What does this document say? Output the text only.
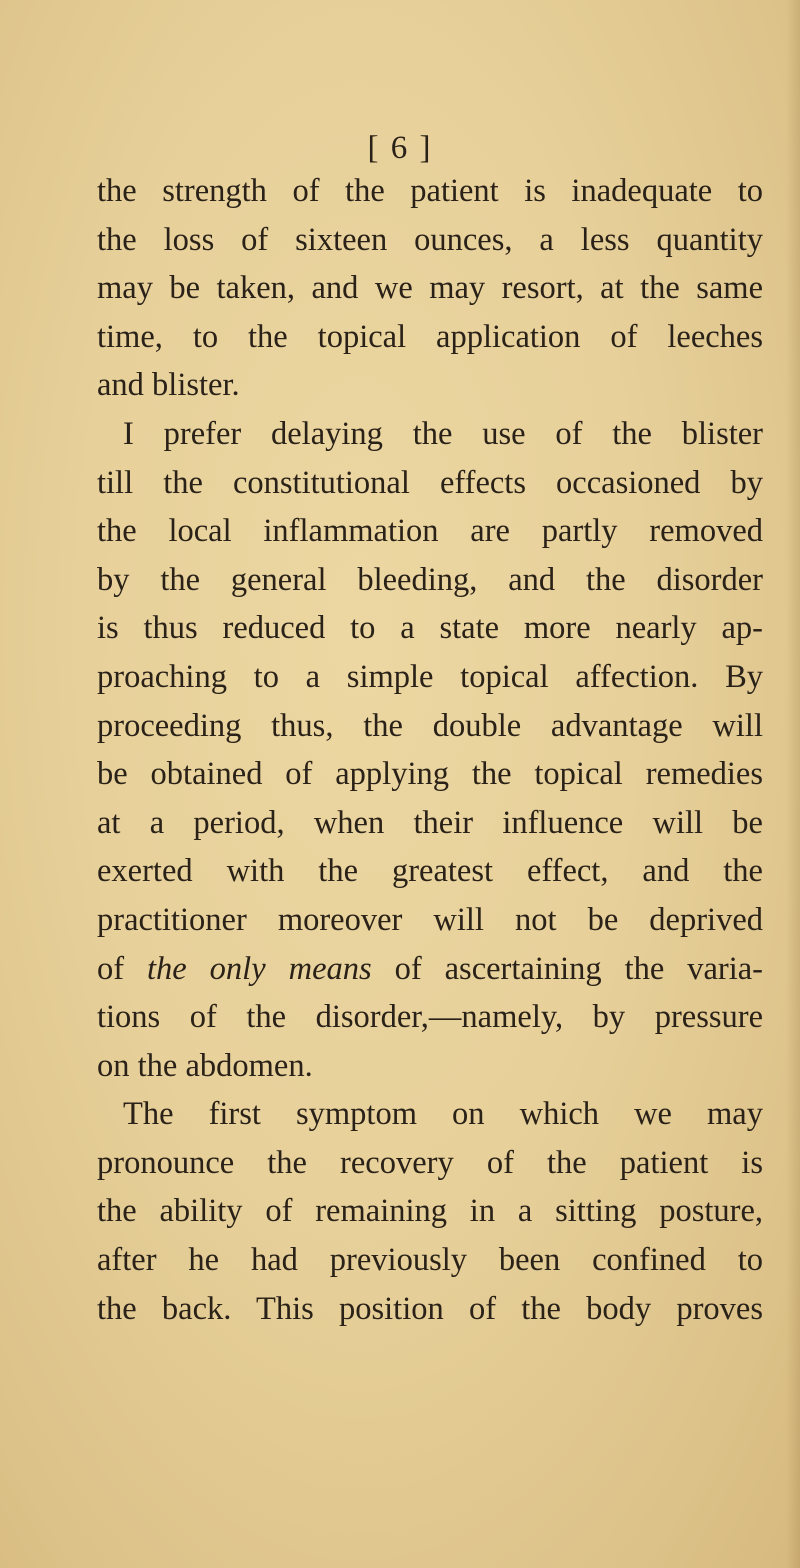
[ 6 ]

the strength of the patient is inadequate to
the loss of sixteen ounces, a less quantity
may be taken, and we may resort, at the same
time, to the topical application of leeches
and blister.
I prefer delaying the use of the blister
till the constitutional effects occasioned by
the local inflammation are partly removed
by the general bleeding, and the disorder
is thus reduced to a state more nearly ap-
proaching to a simple topical affection. By
proceeding thus, the double advantage will
be obtained of applying the topical remedies
at a period, when their influence will be
exerted with the greatest effect, and the
practitioner moreover will not be deprived
of the only means of ascertaining the varia-
tions of the disorder,—namely, by pressure
on the abdomen.
The first symptom on which we may
pronounce the recovery of the patient is
the ability of remaining in a sitting posture,
after he had previously been confined to
the back. This position of the body proves
